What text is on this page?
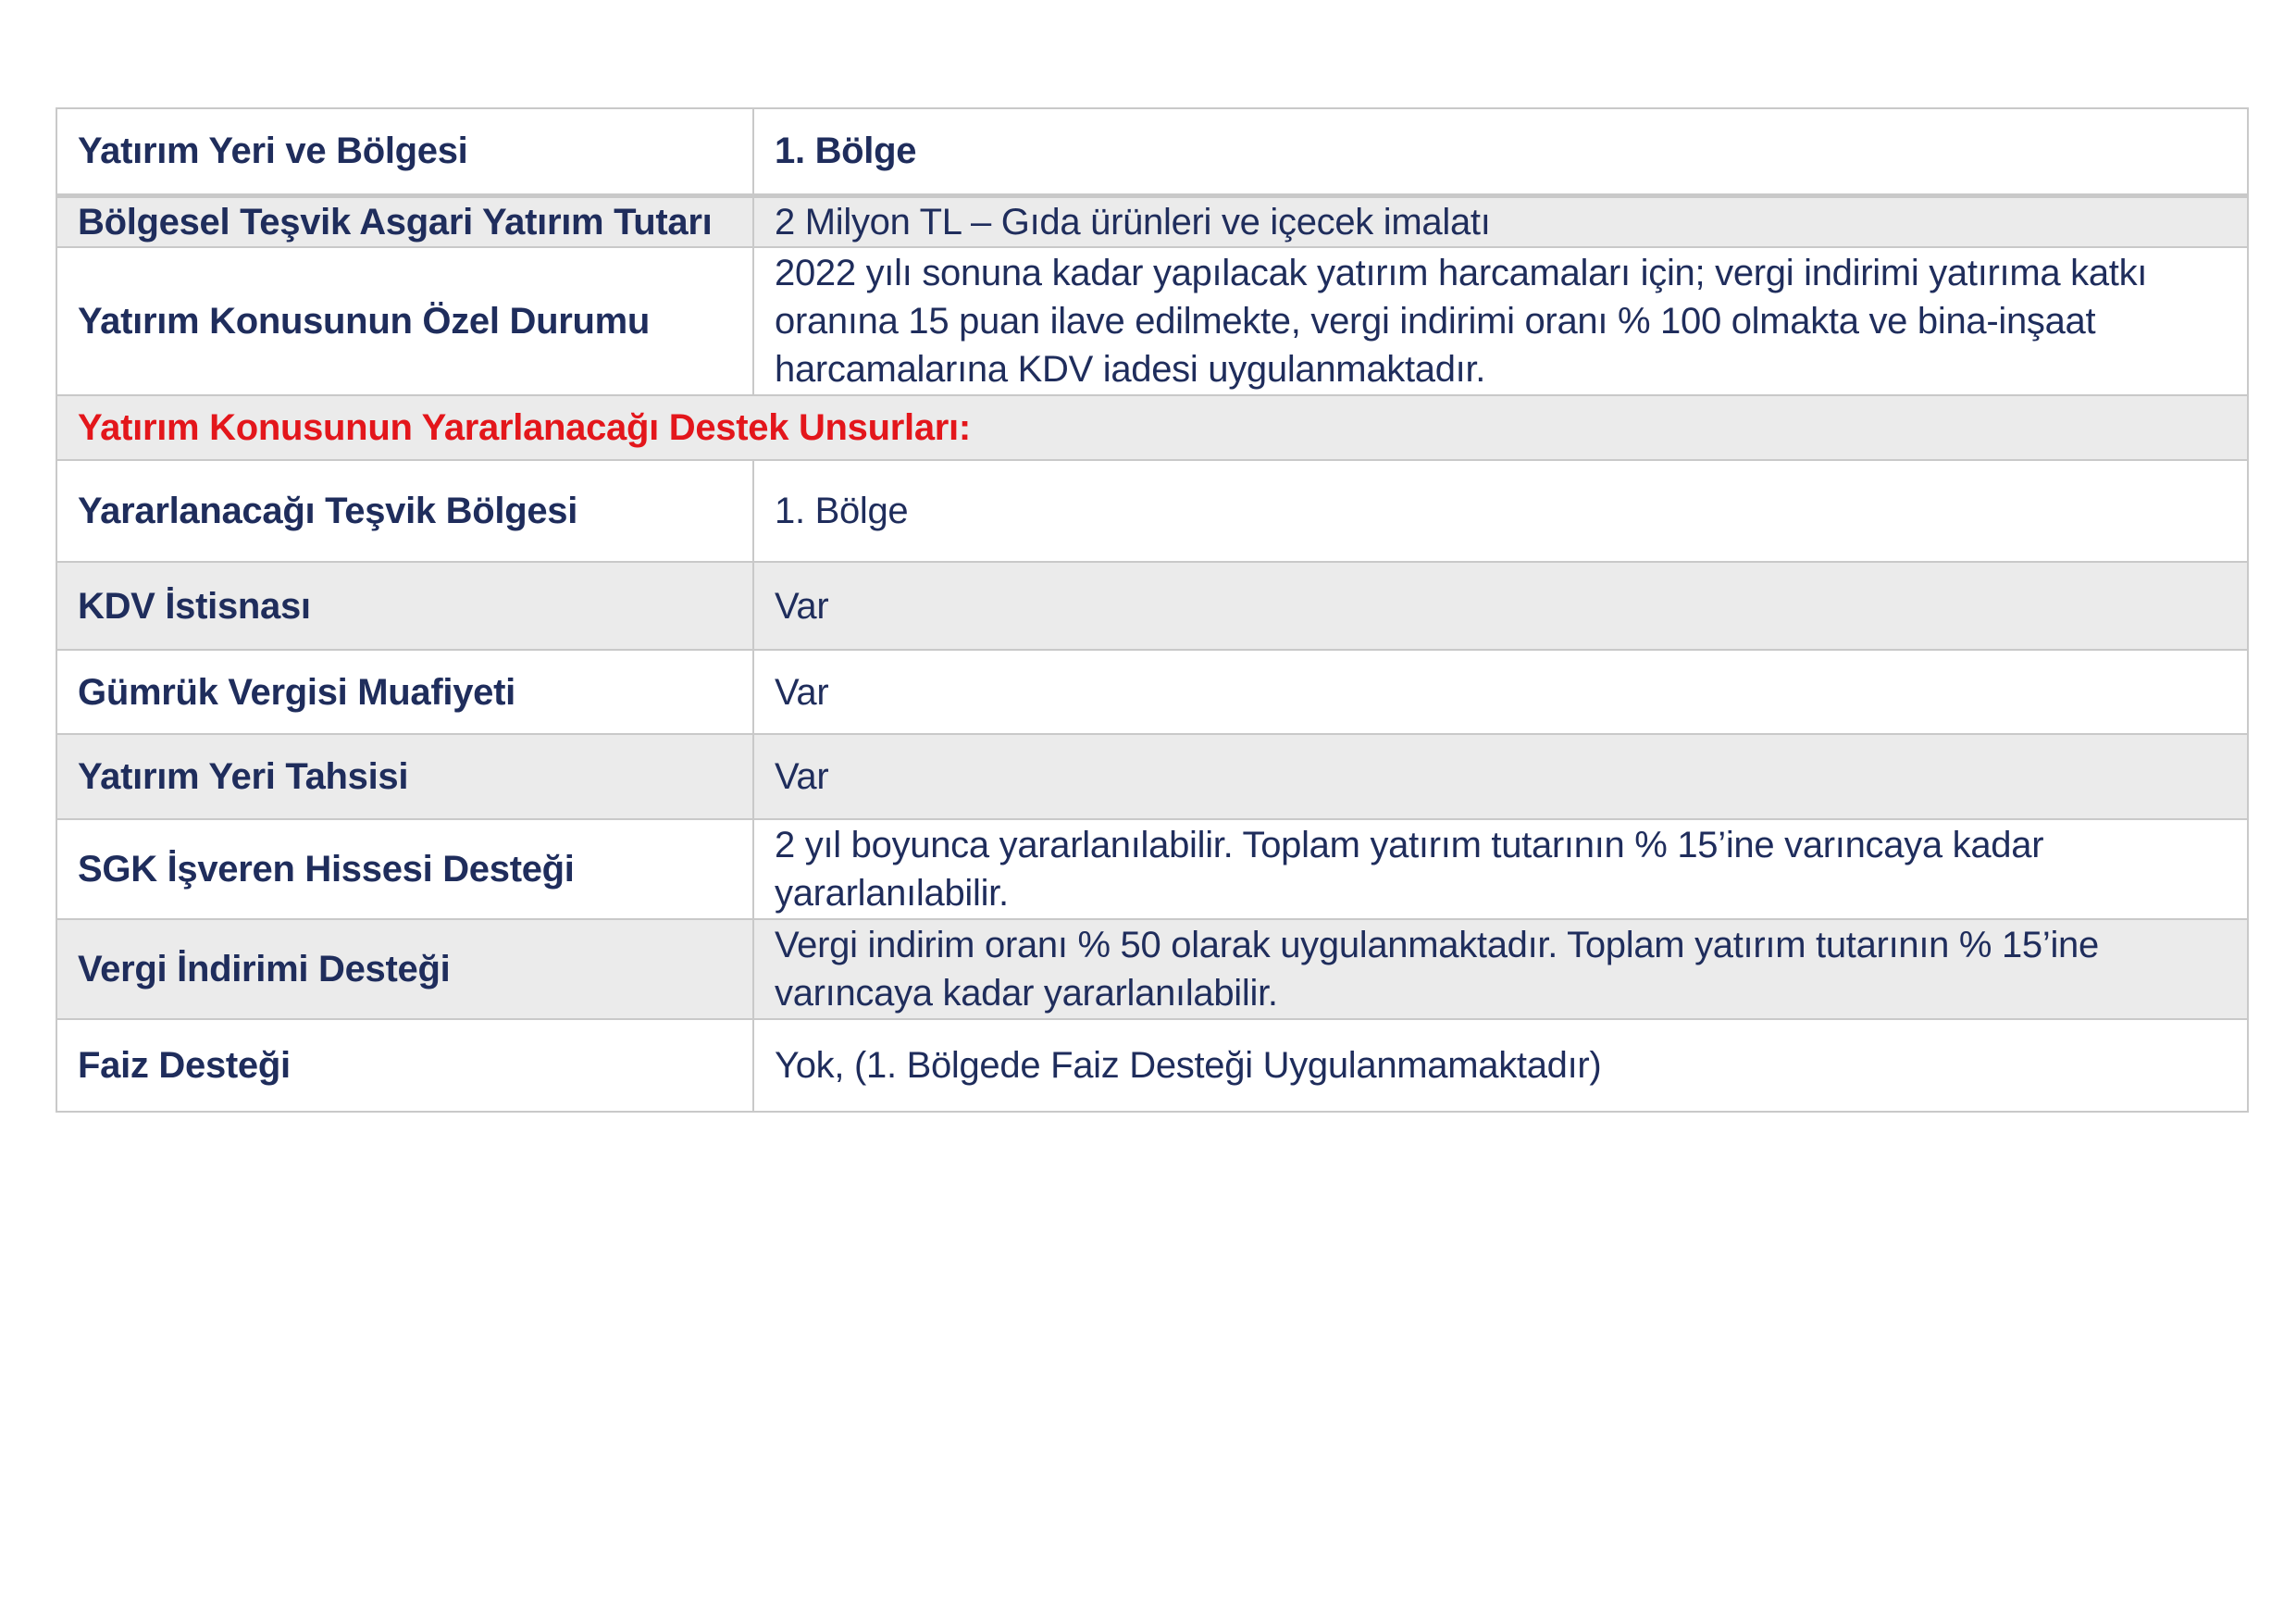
Yatırım Yeri ve Bölgesi	1. Bölge
Bölgesel Teşvik Asgari Yatırım Tutarı	2 Milyon TL – Gıda ürünleri ve içecek imalatı
Yatırım Konusunun Özel Durumu	2022 yılı sonuna kadar yapılacak yatırım harcamaları için; vergi indirimi yatırıma katkı oranına 15 puan ilave edilmekte, vergi indirimi oranı % 100 olmakta ve bina-inşaat harcamalarına KDV iadesi uygulanmaktadır.
Yatırım Konusunun Yararlanacağı Destek Unsurları:	
Yararlanacağı Teşvik Bölgesi	1. Bölge
KDV İstisnası	Var
Gümrük Vergisi Muafiyeti	Var
Yatırım Yeri Tahsisi	Var
SGK İşveren Hissesi Desteği	2 yıl boyunca yararlanılabilir. Toplam yatırım tutarının % 15’ine varıncaya kadar yararlanılabilir.
Vergi İndirimi Desteği	Vergi indirim oranı % 50 olarak uygulanmaktadır. Toplam yatırım tutarının % 15’ine varıncaya kadar yararlanılabilir.
Faiz Desteği	Yok, (1. Bölgede Faiz Desteği Uygulanmamaktadır)
